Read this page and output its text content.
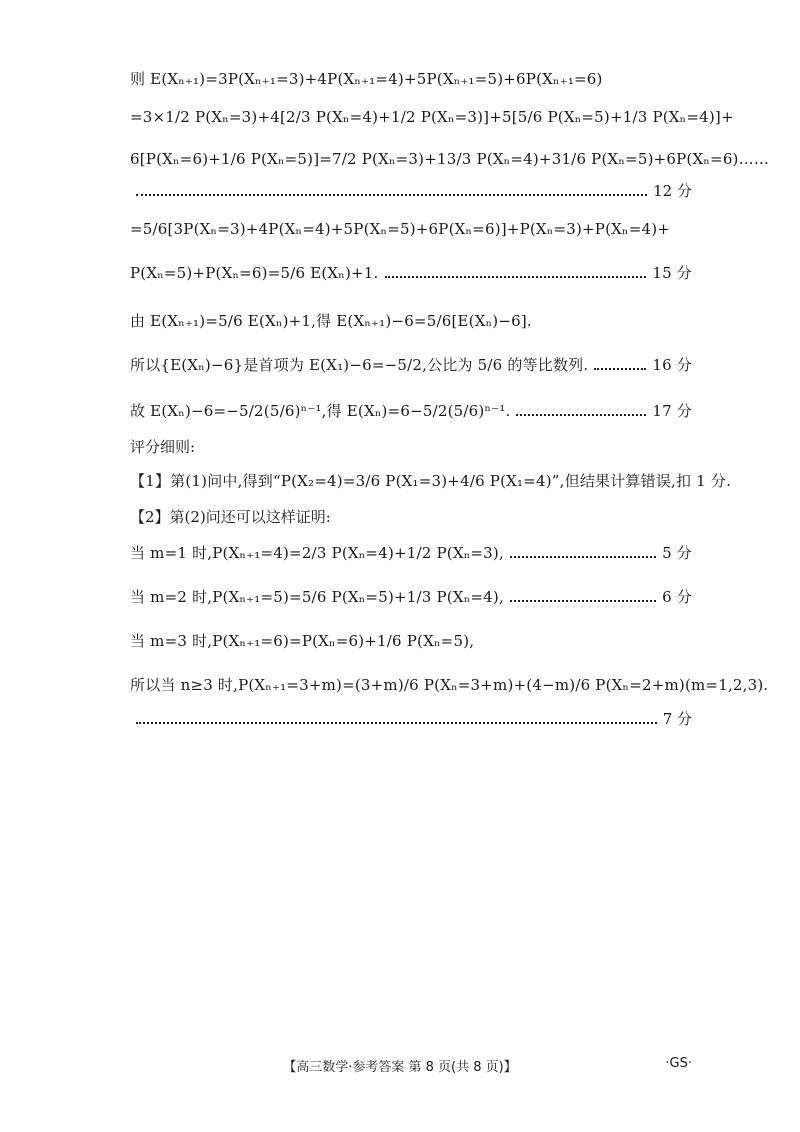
则 E(Xₙ₊₁)=3P(Xₙ₊₁=3)+4P(Xₙ₊₁=4)+5P(Xₙ₊₁=5)+6P(Xₙ₊₁=6)
=3×1/2 P(Xₙ=3)+4[2/3 P(Xₙ=4)+1/2 P(Xₙ=3)]+5[5/6 P(Xₙ=5)+1/3 P(Xₙ=4)]+
6[P(Xₙ=6)+1/6 P(Xₙ=5)]=7/2 P(Xₙ=3)+13/3 P(Xₙ=4)+31/6 P(Xₙ=5)+6P(Xₙ=6)……
12 分
=5/6[3P(Xₙ=3)+4P(Xₙ=4)+5P(Xₙ=5)+6P(Xₙ=6)]+P(Xₙ=3)+P(Xₙ=4)+
P(Xₙ=5)+P(Xₙ=6)=5/6 E(Xₙ)+1.	15 分
由 E(Xₙ₊₁)=5/6 E(Xₙ)+1,得 E(Xₙ₊₁)−6=5/6[E(Xₙ)−6].
所以{E(Xₙ)−6}是首项为 E(X₁)−6=−5/2,公比为 5/6 的等比数列.	16 分
故 E(Xₙ)−6=−5/2(5/6)ⁿ⁻¹,得 E(Xₙ)=6−5/2(5/6)ⁿ⁻¹.	17 分
评分细则:
【1】第(1)问中,得到“P(X₂=4)=3/6 P(X₁=3)+4/6 P(X₁=4)”,但结果计算错误,扣 1 分.
【2】第(2)问还可以这样证明:
当 m=1 时,P(Xₙ₊₁=4)=2/3 P(Xₙ=4)+1/2 P(Xₙ=3),	5 分
当 m=2 时,P(Xₙ₊₁=5)=5/6 P(Xₙ=5)+1/3 P(Xₙ=4),	6 分
当 m=3 时,P(Xₙ₊₁=6)=P(Xₙ=6)+1/6 P(Xₙ=5),
所以当 n≥3 时,P(Xₙ₊₁=3+m)=(3+m)/6 P(Xₙ=3+m)+(4−m)/6 P(Xₙ=2+m)(m=1,2,3).
7 分
【高三数学·参考答案 第 8 页(共 8 页)】	·GS·
